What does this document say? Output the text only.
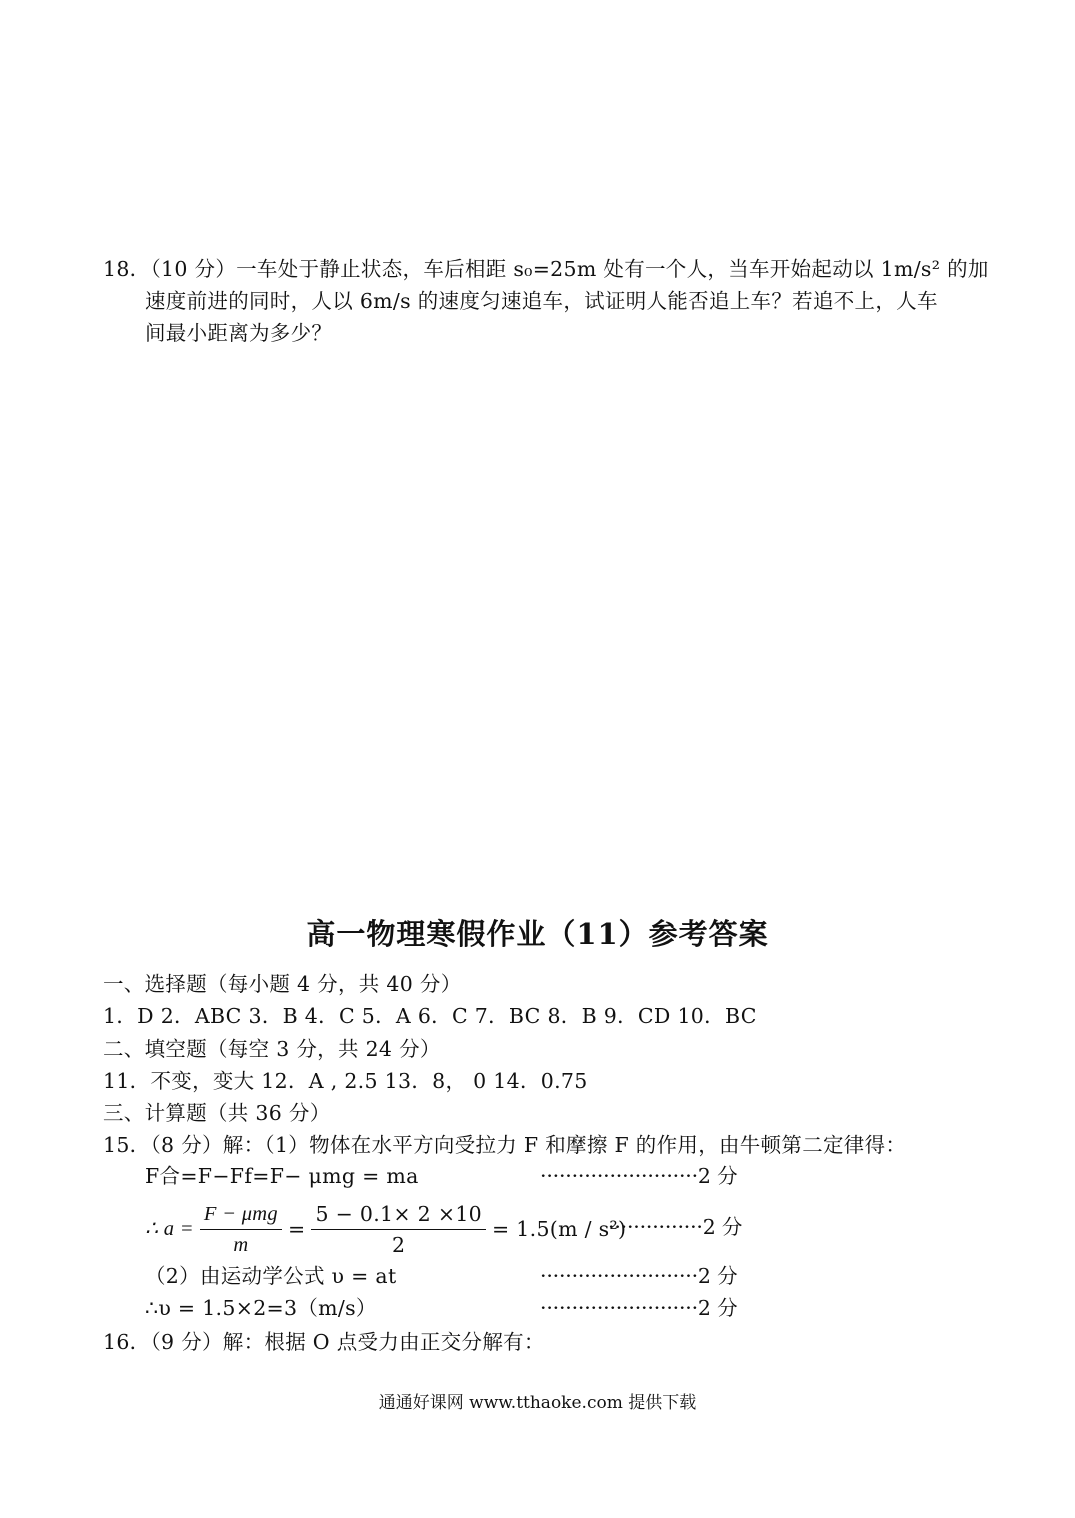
18．（10 分）一车处于静止状态，车后相距 s₀=25m 处有一个人，当车开始起动以 1m/s² 的加
速度前进的同时，人以 6m/s 的速度匀速追车，试证明人能否追上车？若追不上，人车
间最小距离为多少？
高一物理寒假作业（11）参考答案
一、选择题（每小题 4 分，共 40 分）
1．D 2．ABC 3．B 4．C 5．A 6．C 7．BC 8．B 9．CD 10．BC
二、填空题（每空 3 分，共 24 分）
11．不变，变大 12．A , 2.5 13．8， 0 14．0.75
三、计算题（共 36 分）
15．（8 分）解：（1）物体在水平方向受拉力 F 和摩擦 F 的作用，由牛顿第二定律得：
F合=F−Ff=F− μmg = ma	·························2 分
∴ $a = \frac{\text{F − μmg}}{m} = \frac{5 - 0.1\times 2 \times 10}{2} = 1.5(m / s^2)$
···············2 分
（2）由运动学公式 υ = at	·························2 分
∴υ = 1.5×2=3（m/s）	·························2 分
16．（9 分）解：根据 O 点受力由正交分解有：
通通好课网 www.tthaoke.com 提供下载
